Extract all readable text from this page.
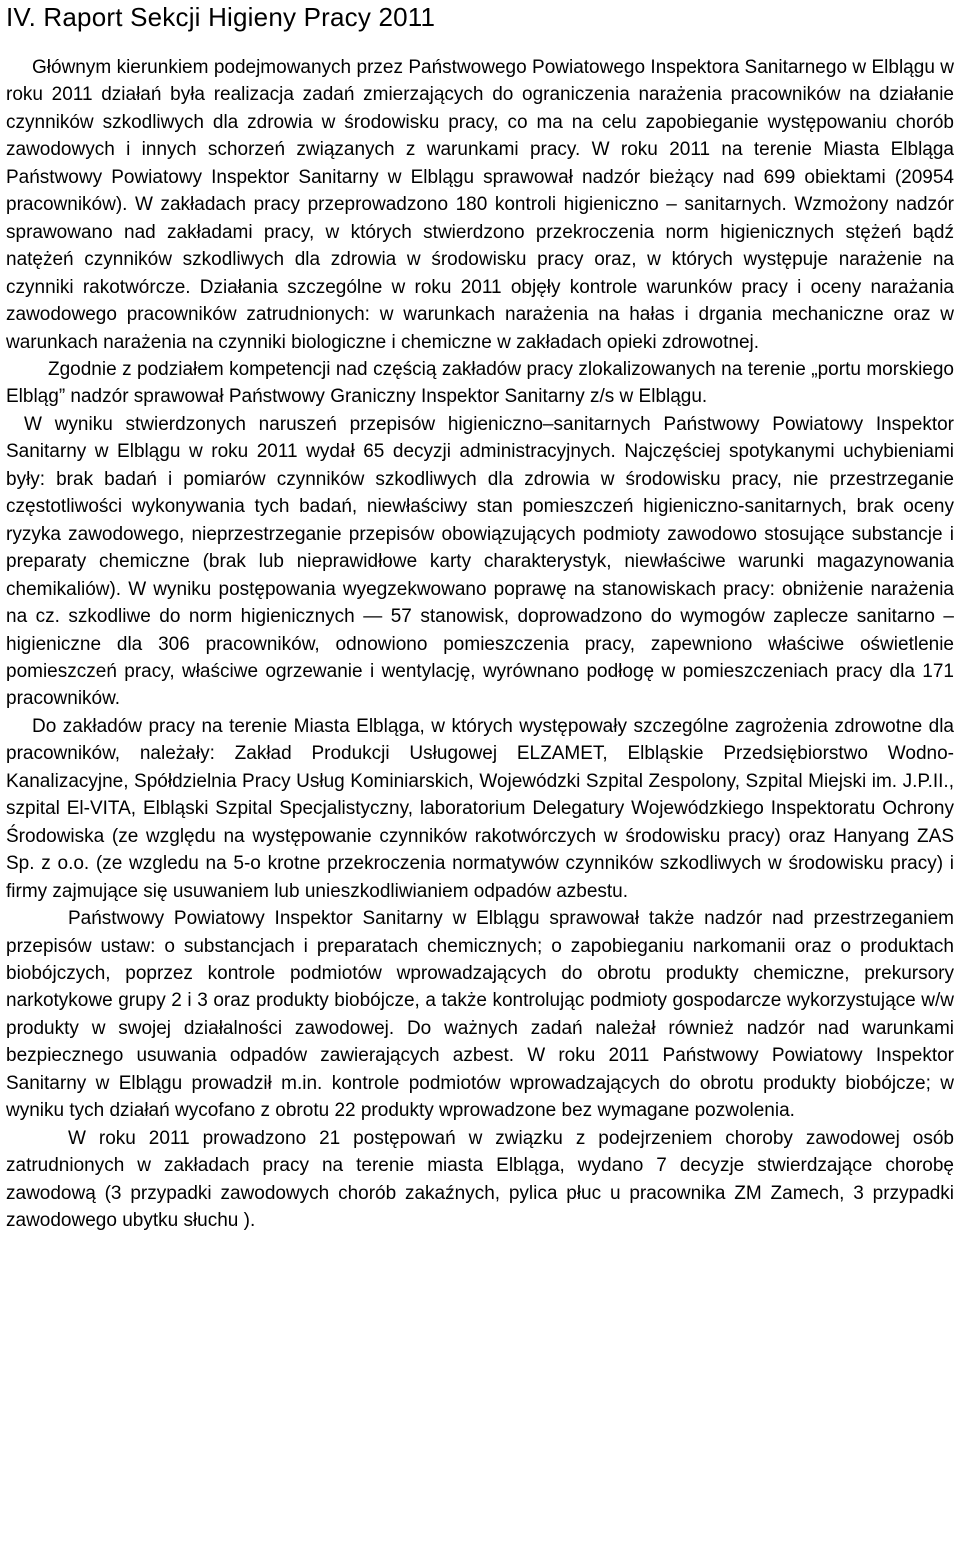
IV. Raport Sekcji Higieny Pracy 2011

Głównym kierunkiem podejmowanych przez Państwowego Powiatowego Inspektora Sanitarnego w Elblągu w roku 2011 działań była realizacja zadań zmierzających do ograniczenia narażenia pracowników na działanie czynników szkodliwych dla zdrowia w środowisku pracy, co ma na celu zapobieganie występowaniu chorób zawodowych i innych schorzeń związanych z warunkami pracy. W roku 2011 na terenie Miasta Elbląga Państwowy Powiatowy Inspektor Sanitarny w Elblągu sprawował nadzór bieżący nad 699 obiektami (20954 pracowników). W zakładach pracy przeprowadzono 180 kontroli higieniczno – sanitarnych. Wzmożony nadzór sprawowano nad zakładami pracy, w których stwierdzono przekroczenia norm higienicznych stężeń bądź natężeń czynników szkodliwych dla zdrowia w środowisku pracy oraz, w których występuje narażenie na czynniki rakotwórcze. Działania szczególne w roku 2011 objęły kontrole warunków pracy i oceny narażania zawodowego pracowników zatrudnionych: w warunkach narażenia na hałas i drgania mechaniczne oraz w warunkach narażenia na czynniki biologiczne i chemiczne w zakładach opieki zdrowotnej.

Zgodnie z podziałem kompetencji nad częścią zakładów pracy zlokalizowanych na terenie „portu morskiego Elbląg” nadzór sprawował Państwowy Graniczny Inspektor Sanitarny z/s w Elblągu.

W wyniku stwierdzonych naruszeń przepisów higieniczno–sanitarnych Państwowy Powiatowy Inspektor Sanitarny w Elblągu w roku 2011 wydał 65 decyzji administracyjnych. Najczęściej spotykanymi uchybieniami były: brak badań i pomiarów czynników szkodliwych dla zdrowia w środowisku pracy, nie przestrzeganie częstotliwości wykonywania tych badań, niewłaściwy stan pomieszczeń higieniczno-sanitarnych, brak oceny ryzyka zawodowego, nieprzestrzeganie przepisów obowiązujących podmioty zawodowo stosujące substancje i preparaty chemiczne (brak lub nieprawidłowe karty charakterystyk, niewłaściwe warunki magazynowania chemikaliów). W wyniku postępowania wyegzekwowano poprawę na stanowiskach pracy: obniżenie narażenia na cz. szkodliwe do norm higienicznych — 57 stanowisk, doprowadzono do wymogów zaplecze sanitarno – higieniczne dla 306 pracowników, odnowiono pomieszczenia pracy, zapewniono właściwe oświetlenie pomieszczeń pracy, właściwe ogrzewanie i wentylację, wyrównano podłogę w pomieszczeniach pracy dla 171 pracowników.

Do zakładów pracy na terenie Miasta Elbląga, w których występowały szczególne zagrożenia zdrowotne dla pracowników, należały: Zakład Produkcji Usługowej ELZAMET, Elbląskie Przedsiębiorstwo Wodno-Kanalizacyjne, Spółdzielnia Pracy Usług Kominiarskich, Wojewódzki Szpital Zespolony, Szpital Miejski im. J.P.II., szpital El-VITA, Elbląski Szpital Specjalistyczny, laboratorium Delegatury Wojewódzkiego Inspektoratu Ochrony Środowiska (ze względu na występowanie czynników rakotwórczych w środowisku pracy) oraz Hanyang ZAS Sp. z o.o. (ze wzgledu na 5-o krotne przekroczenia normatywów czynników szkodliwych w środowisku pracy) i firmy zajmujące się usuwaniem lub unieszkodliwianiem odpadów azbestu.

Państwowy Powiatowy Inspektor Sanitarny w Elblągu sprawował także nadzór nad przestrzeganiem przepisów ustaw: o substancjach i preparatach chemicznych; o zapobieganiu narkomanii oraz o produktach biobójczych, poprzez kontrole podmiotów wprowadzających do obrotu produkty chemiczne, prekursory narkotykowe grupy 2 i 3 oraz produkty biobójcze, a także kontrolując podmioty gospodarcze wykorzystujące w/w produkty w swojej działalności zawodowej. Do ważnych zadań należał również nadzór nad warunkami bezpiecznego usuwania odpadów zawierających azbest. W roku 2011 Państwowy Powiatowy Inspektor Sanitarny w Elblągu prowadził m.in. kontrole podmiotów wprowadzających do obrotu produkty biobójcze; w wyniku tych działań wycofano z obrotu 22 produkty wprowadzone bez wymagane pozwolenia.

W roku 2011 prowadzono 21 postępowań w związku z podejrzeniem choroby zawodowej osób zatrudnionych w zakładach pracy na terenie miasta Elbląga, wydano 7 decyzje stwierdzające chorobę zawodową (3 przypadki zawodowych chorób zakaźnych, pylica płuc u pracownika ZM Zamech, 3 przypadki zawodowego ubytku słuchu ).
